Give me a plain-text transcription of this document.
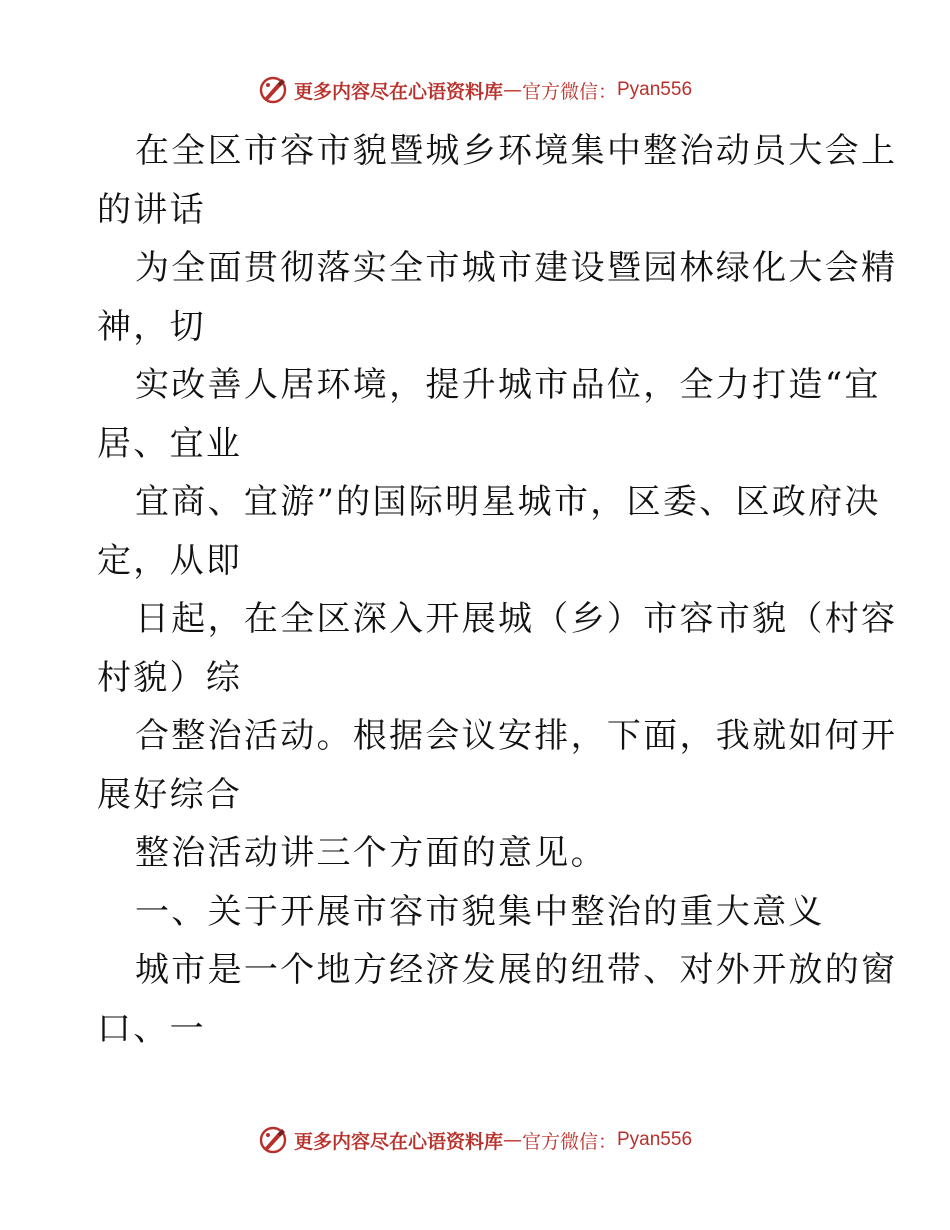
更多内容尽在心语资料库 — 官方微信： Pyan556
在全区市容市貌暨城乡环境集中整治动员大会上
的讲话
为全面贯彻落实全市城市建设暨园林绿化大会精
神，切
实改善人居环境，提升城市品位，全力打造“宜
居、宜业
宜商、宜游”的国际明星城市，区委、区政府决
定，从即
日起，在全区深入开展城（乡）市容市貌（村容
村貌）综
合整治活动。根据会议安排，下面，我就如何开
展好综合
整治活动讲三个方面的意见。
一、关于开展市容市貌集中整治的重大意义
城市是一个地方经济发展的纽带、对外开放的窗
口、一
更多内容尽在心语资料库 — 官方微信： Pyan556
